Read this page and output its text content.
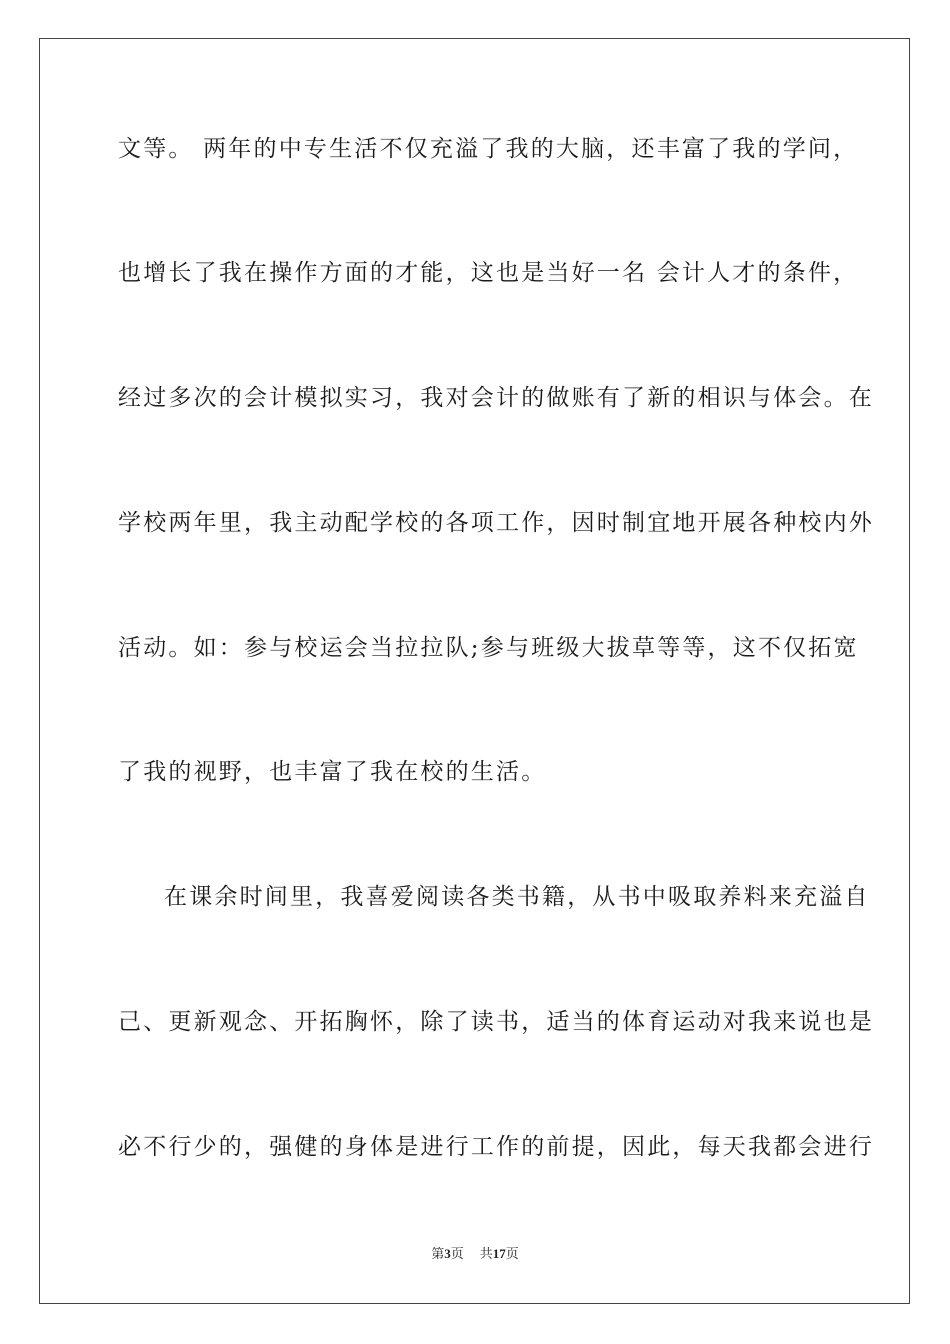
文等。 两年的中专生活不仅充溢了我的大脑，还丰富了我的学问，
也增长了我在操作方面的才能，这也是当好一名 会计人才的条件，
经过多次的会计模拟实习，我对会计的做账有了新的相识与体会。在
学校两年里，我主动配学校的各项工作，因时制宜地开展各种校内外
活动。如：参与校运会当拉拉队;参与班级大拔草等等，这不仅拓宽
了我的视野，也丰富了我在校的生活。
在课余时间里，我喜爱阅读各类书籍，从书中吸取养料来充溢自
己、更新观念、开拓胸怀，除了读书，适当的体育运动对我来说也是
必不行少的，强健的身体是进行工作的前提，因此，每天我都会进行
第3页 共17页
